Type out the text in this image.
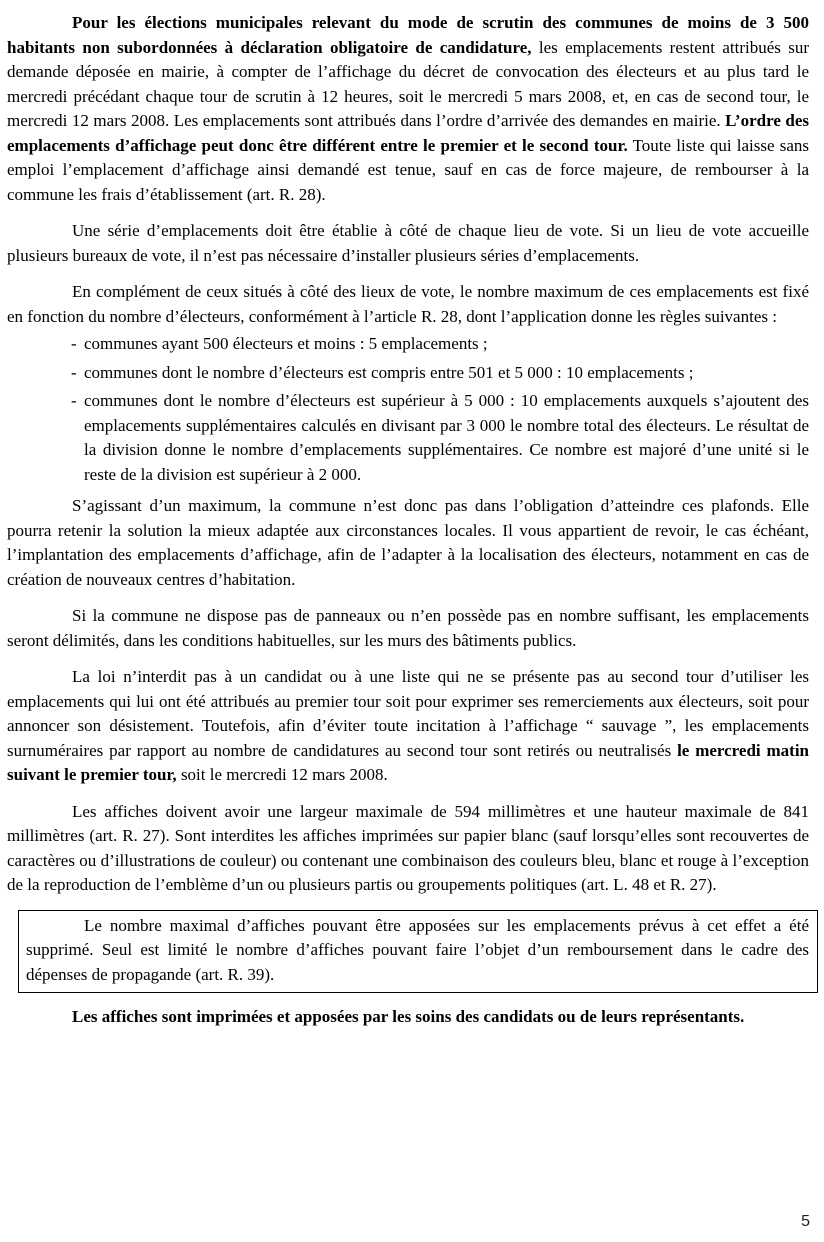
Pour les élections municipales relevant du mode de scrutin des communes de moins de 3 500 habitants non subordonnées à déclaration obligatoire de candidature, les emplacements restent attribués sur demande déposée en mairie, à compter de l’affichage du décret de convocation des électeurs et au plus tard le mercredi précédant chaque tour de scrutin à 12 heures, soit le mercredi 5 mars 2008, et, en cas de second tour, le mercredi 12 mars 2008. Les emplacements sont attribués dans l’ordre d’arrivée des demandes en mairie. L’ordre des emplacements d’affichage peut donc être différent entre le premier et le second tour. Toute liste qui laisse sans emploi l’emplacement d’affichage ainsi demandé est tenue, sauf en cas de force majeure, de rembourser à la commune les frais d’établissement (art. R. 28).

Une série d’emplacements doit être établie à côté de chaque lieu de vote. Si un lieu de vote accueille plusieurs bureaux de vote, il n’est pas nécessaire d’installer plusieurs séries d’emplacements.

En complément de ceux situés à côté des lieux de vote, le nombre maximum de ces emplacements est fixé en fonction du nombre d’électeurs, conformément à l’article R. 28, dont l’application donne les règles suivantes :

- communes ayant 500 électeurs et moins : 5 emplacements ;
- communes dont le nombre d’électeurs est compris entre 501 et 5 000 : 10 emplacements ;
- communes dont le nombre d’électeurs est supérieur à 5 000 : 10 emplacements auxquels s’ajoutent des emplacements supplémentaires calculés en divisant par 3 000 le nombre total des électeurs. Le résultat de la division donne le nombre d’emplacements supplémentaires. Ce nombre est majoré d’une unité si le reste de la division est supérieur à 2 000.

S’agissant d’un maximum, la commune n’est donc pas dans l’obligation d’atteindre ces plafonds. Elle pourra retenir la solution la mieux adaptée aux circonstances locales. Il vous appartient de revoir, le cas échéant, l’implantation des emplacements d’affichage, afin de l’adapter à la localisation des électeurs, notamment en cas de création de nouveaux centres d’habitation.

Si la commune ne dispose pas de panneaux ou n’en possède pas en nombre suffisant, les emplacements seront délimités, dans les conditions habituelles, sur les murs des bâtiments publics.

La loi n’interdit pas à un candidat ou à une liste qui ne se présente pas au second tour d’utiliser les emplacements qui lui ont été attribués au premier tour soit pour exprimer ses remerciements aux électeurs, soit pour annoncer son désistement. Toutefois, afin d’éviter toute incitation à l’affichage “ sauvage ”, les emplacements surnuméraires par rapport au nombre de candidatures au second tour sont retirés ou neutralisés le mercredi matin suivant le premier tour, soit le mercredi 12 mars 2008.

Les affiches doivent avoir une largeur maximale de 594 millimètres et une hauteur maximale de 841 millimètres (art. R. 27). Sont interdites les affiches imprimées sur papier blanc (sauf lorsqu’elles sont recouvertes de caractères ou d’illustrations de couleur) ou contenant une combinaison des couleurs bleu, blanc et rouge à l’exception de la reproduction de l’emblème d’un ou plusieurs partis ou groupements politiques (art. L. 48 et R. 27).

Le nombre maximal d’affiches pouvant être apposées sur les emplacements prévus à cet effet a été supprimé. Seul est limité le nombre d’affiches pouvant faire l’objet d’un remboursement dans le cadre des dépenses de propagande (art. R. 39).

Les affiches sont imprimées et apposées par les soins des candidats ou de leurs représentants.

5
